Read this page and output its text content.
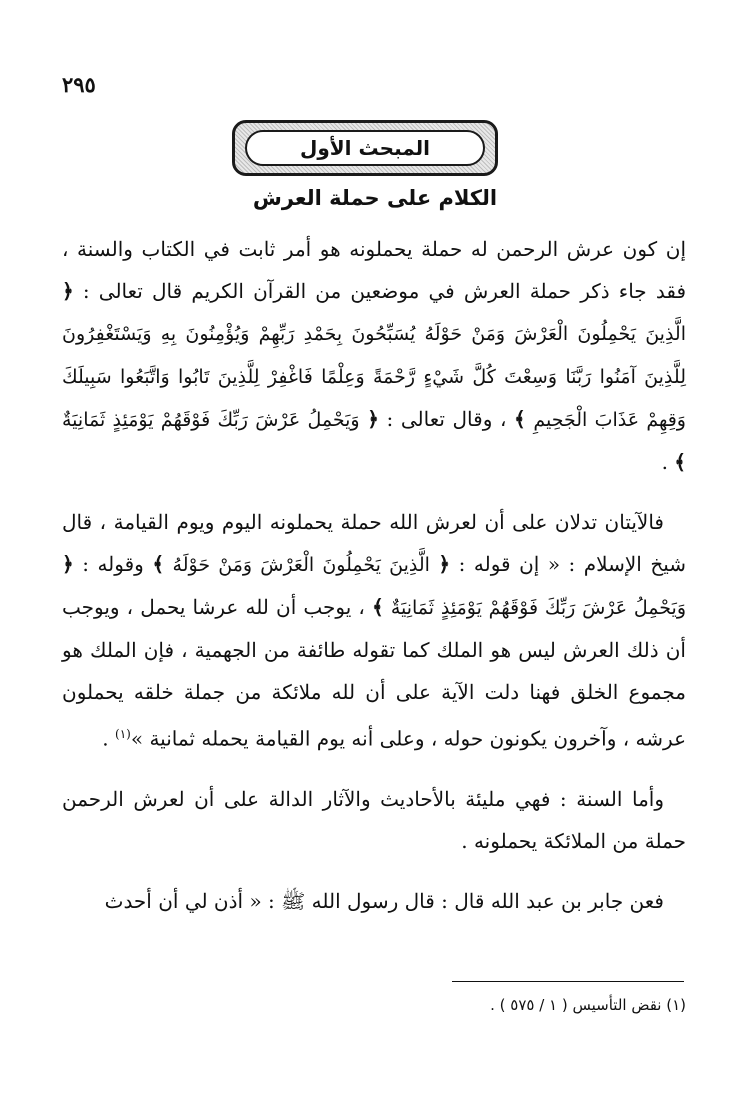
٢٩٥
المبحث الأول
الكلام على حملة العرش

إن كون عرش الرحمن له حملة يحملونه هو أمر ثابت في الكتاب والسنة ، فقد جاء ذكر حملة العرش في موضعين من القرآن الكريم قال تعالى : ﴿ الَّذِينَ يَحْمِلُونَ الْعَرْشَ وَمَنْ حَوْلَهُ يُسَبِّحُونَ بِحَمْدِ رَبِّهِمْ وَيُؤْمِنُونَ بِهِ وَيَسْتَغْفِرُونَ لِلَّذِينَ آمَنُوا رَبَّنَا وَسِعْتَ كُلَّ شَيْءٍ رَّحْمَةً وَعِلْمًا فَاغْفِرْ لِلَّذِينَ تَابُوا وَاتَّبَعُوا سَبِيلَكَ وَقِهِمْ عَذَابَ الْجَحِيمِ ﴾ ، وقال تعالى : ﴿ وَيَحْمِلُ عَرْشَ رَبِّكَ فَوْقَهُمْ يَوْمَئِذٍ ثَمَانِيَةٌ ﴾ .

فالآيتان تدلان على أن لعرش الله حملة يحملونه اليوم ويوم القيامة ، قال شيخ الإسلام : « إن قوله : ﴿ الَّذِينَ يَحْمِلُونَ الْعَرْشَ وَمَنْ حَوْلَهُ ﴾ وقوله : ﴿ وَيَحْمِلُ عَرْشَ رَبِّكَ فَوْقَهُمْ يَوْمَئِذٍ ثَمَانِيَةٌ ﴾ ، يوجب أن لله عرشا يحمل ، ويوجب أن ذلك العرش ليس هو الملك كما تقوله طائفة من الجهمية ، فإن الملك هو مجموع الخلق فهنا دلت الآية على أن لله ملائكة من جملة خلقه يحملون عرشه ، وآخرون يكونون حوله ، وعلى أنه يوم القيامة يحمله ثمانية »$^{(١)}$ .

وأما السنة : فهي مليئة بالأحاديث والآثار الدالة على أن لعرش الرحمن حملة من الملائكة يحملونه .

فعن جابر بن عبد الله قال : قال رسول الله ﷺ : « أذن لي أن أحدث

(١) نقض التأسيس ( ١ / ٥٧٥ ) .
